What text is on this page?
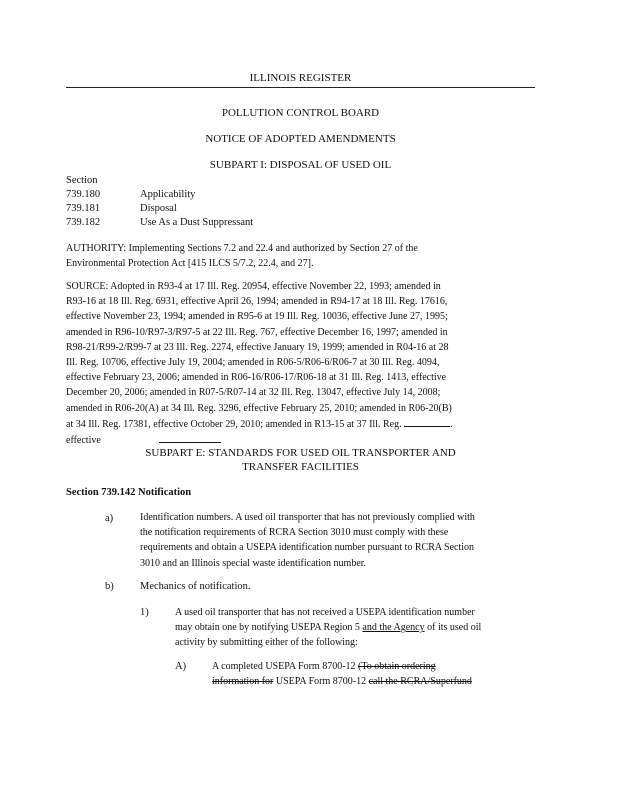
ILLINOIS REGISTER
POLLUTION CONTROL BOARD
NOTICE OF ADOPTED AMENDMENTS
SUBPART I: DISPOSAL OF USED OIL
Section
739.180	Applicability
739.181	Disposal
739.182	Use As a Dust Suppressant
AUTHORITY: Implementing Sections 7.2 and 22.4 and authorized by Section 27 of the
Environmental Protection Act [415 ILCS 5/7.2, 22.4, and 27].
SOURCE: Adopted in R93-4 at 17 Ill. Reg. 20954, effective November 22, 1993; amended in
R93-16 at 18 Ill. Reg. 6931, effective April 26, 1994; amended in R94-17 at 18 Ill. Reg. 17616,
effective November 23, 1994; amended in R95-6 at 19 Ill. Reg. 10036, effective June 27, 1995;
amended in R96-10/R97-3/R97-5 at 22 Ill. Reg. 767, effective December 16, 1997; amended in
R98-21/R99-2/R99-7 at 23 Ill. Reg. 2274, effective January 19, 1999; amended in R04-16 at 28
Ill. Reg. 10706, effective July 19, 2004; amended in R06-5/R06-6/R06-7 at 30 Ill. Reg. 4094,
effective February 23, 2006; amended in R06-16/R06-17/R06-18 at 31 Ill. Reg. 1413, effective
December 20, 2006; amended in R07-5/R07-14 at 32 Ill. Reg. 13047, effective July 14, 2008;
amended in R06-20(A) at 34 Ill. Reg. 3296, effective February 25, 2010; amended in R06-20(B)
at 34 Ill. Reg. 17381, effective October 29, 2010; amended in R13-15 at 37 Ill. Reg.	.
effective
SUBPART E: STANDARDS FOR USED OIL TRANSPORTER AND
TRANSFER FACILITIES
Section 739.142 Notification
a)	Identification numbers. A used oil transporter that has not previously complied with
the notification requirements of RCRA Section 3010 must comply with these
requirements and obtain a USEPA identification number pursuant to RCRA Section
3010 and an Illinois special waste identification number.
b)	Mechanics of notification.
1)	A used oil transporter that has not received a USEPA identification number
may obtain one by notifying USEPA Region 5 and the Agency of its used oil
activity by submitting either of the following:
A)	A completed USEPA Form 8700-12 (To obtain ordering
information for USEPA Form 8700-12 call the RCRA/Superfund
